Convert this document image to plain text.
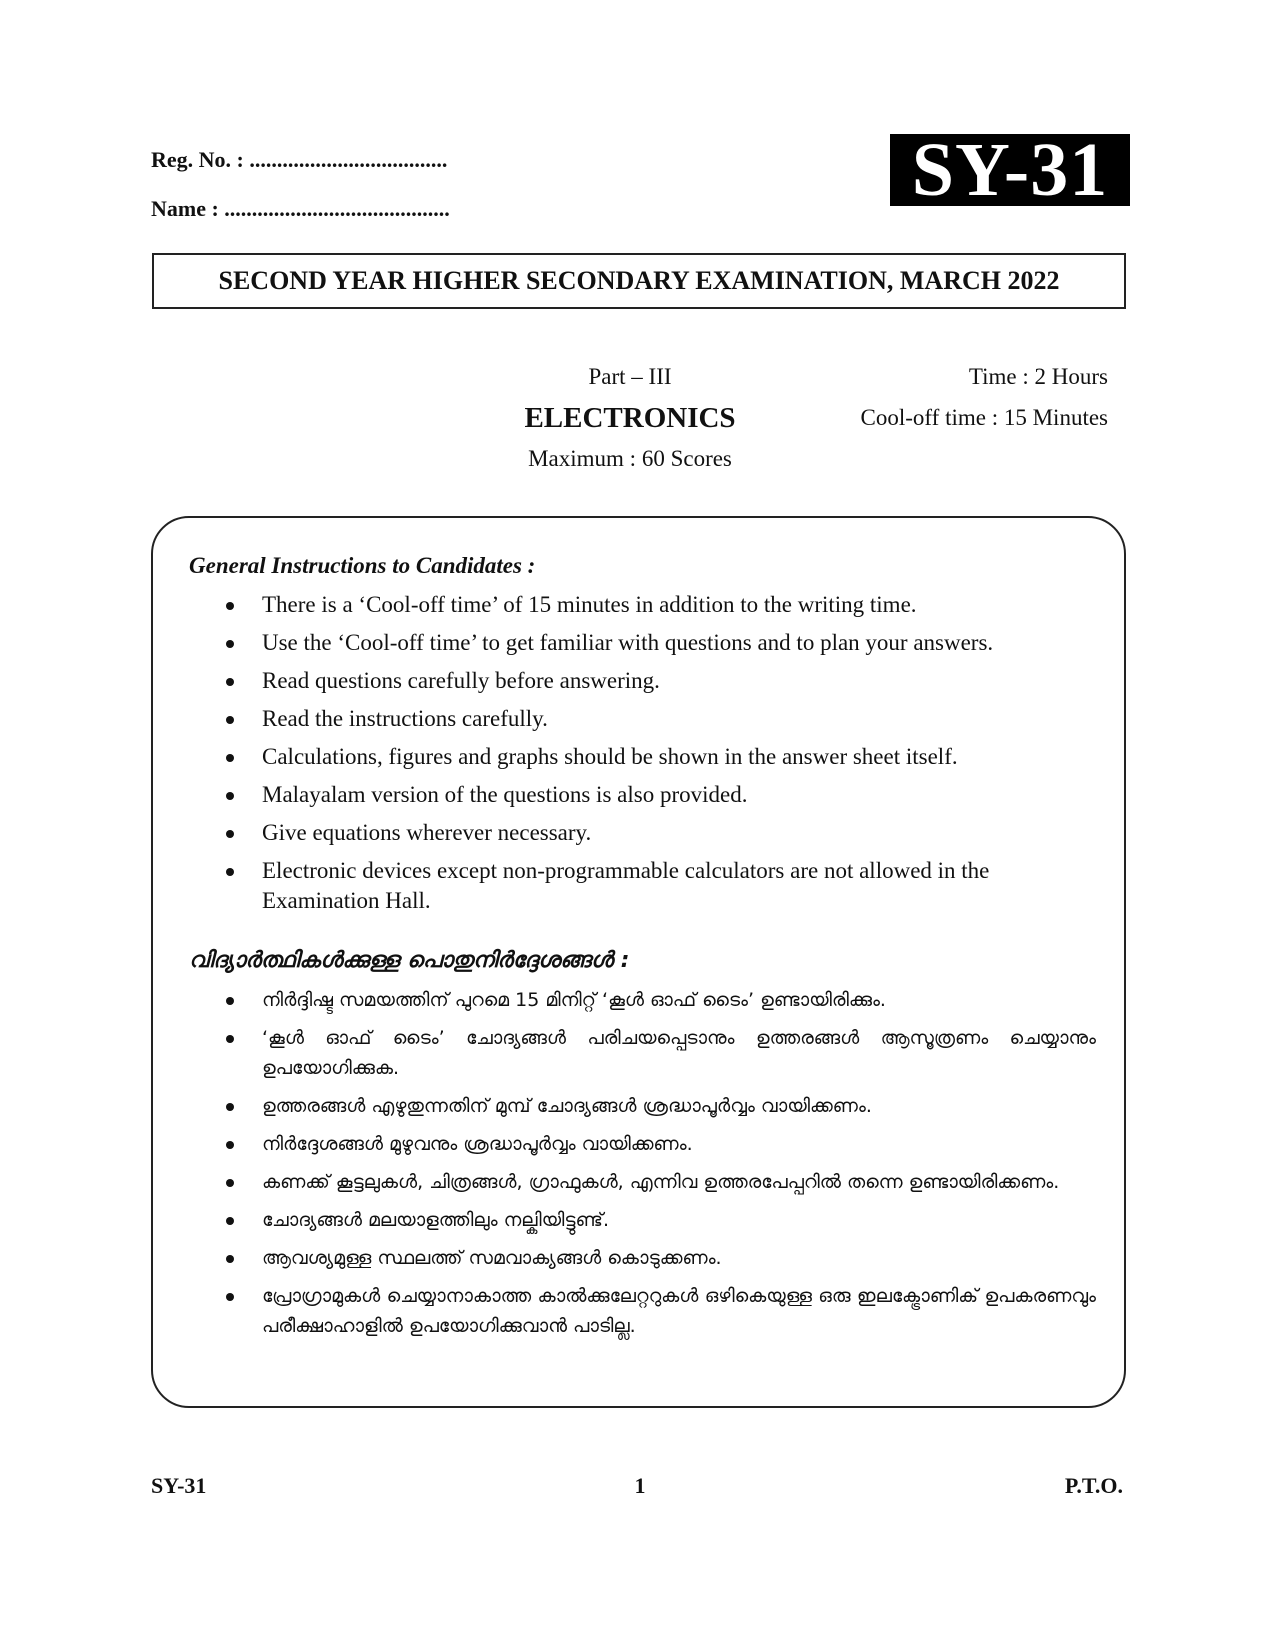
Reg. No. : ....................................
Name : .........................................	SY-31
SECOND YEAR HIGHER SECONDARY EXAMINATION, MARCH 2022
Part – III
ELECTRONICS
Maximum : 60 Scores
Time : 2 Hours
Cool-off time : 15 Minutes
General Instructions to Candidates :
There is a ‘Cool-off time’ of 15 minutes in addition to the writing time.
Use the ‘Cool-off time’ to get familiar with questions and to plan your answers.
Read questions carefully before answering.
Read the instructions carefully.
Calculations, figures and graphs should be shown in the answer sheet itself.
Malayalam version of the questions is also provided.
Give equations wherever necessary.
Electronic devices except non-programmable calculators are not allowed in the Examination Hall.
വിദ്യാർത്ഥികൾക്കുള്ള പൊതുനിർദ്ദേശങ്ങൾ :
നിർദ്ദിഷ്ട സമയത്തിന് പുറമെ 15 മിനിറ്റ് ‘കൂൾ ഓഫ് ടൈം’ ഉണ്ടായിരിക്കും.
‘കൂൾ ഓഫ് ടൈം’ ചോദ്യങ്ങൾ പരിചയപ്പെടാനും ഉത്തരങ്ങൾ ആസൂത്രണം ചെയ്യാനും ഉപയോഗിക്കുക.
ഉത്തരങ്ങൾ എഴുതുന്നതിന് മുമ്പ് ചോദ്യങ്ങൾ ശ്രദ്ധാപൂർവ്വം വായിക്കണം.
നിർദ്ദേശങ്ങൾ മുഴുവനും ശ്രദ്ധാപൂർവ്വം വായിക്കണം.
കണക്ക് കൂട്ടലുകൾ, ചിത്രങ്ങൾ, ഗ്രാഫുകൾ, എന്നിവ ഉത്തരപേപ്പറിൽ തന്നെ ഉണ്ടായിരിക്കണം.
ചോദ്യങ്ങൾ മലയാളത്തിലും നല്കിയിട്ടുണ്ട്.
ആവശ്യമുള്ള സ്ഥലത്ത് സമവാക്യങ്ങൾ കൊടുക്കണം.
പ്രോഗ്രാമുകൾ ചെയ്യാനാകാത്ത കാൽക്കുലേറ്ററുകൾ ഒഴികെയുള്ള ഒരു ഇലക്ട്രോണിക് ഉപകരണവും പരീക്ഷാഹാളിൽ ഉപയോഗിക്കുവാൻ പാടില്ല.
SY-31	1	P.T.O.
